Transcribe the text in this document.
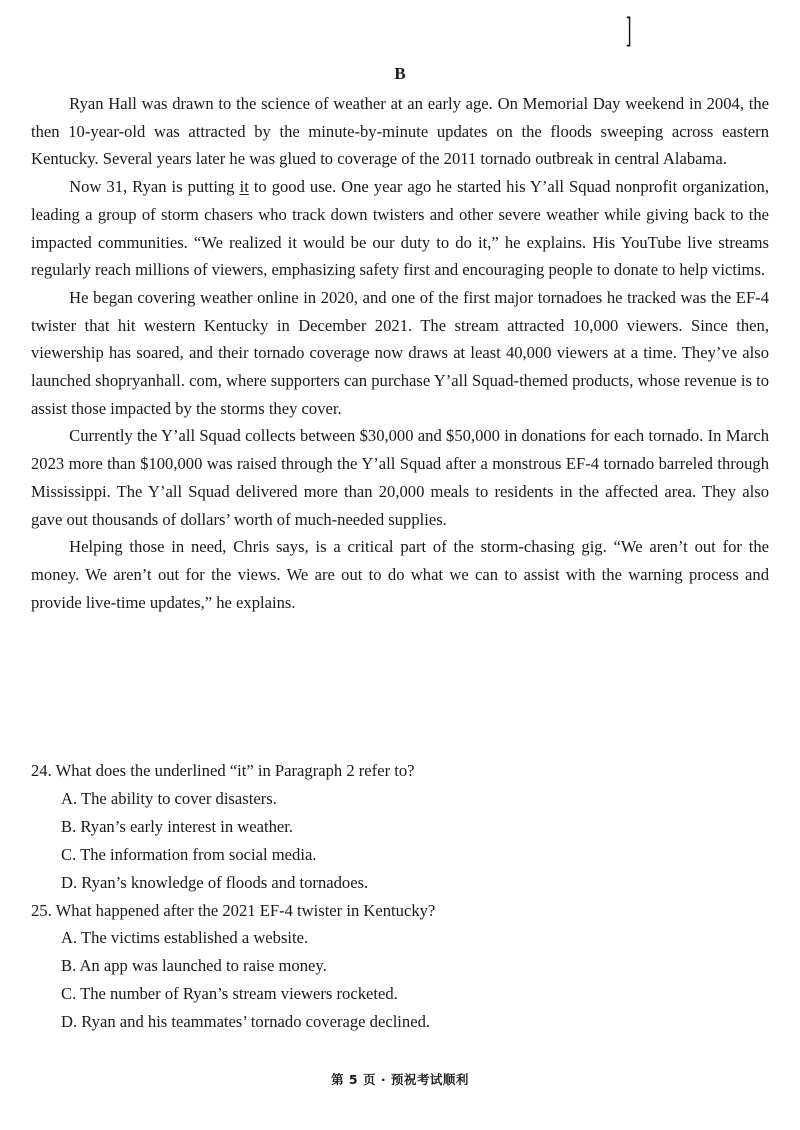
]
B

Ryan Hall was drawn to the science of weather at an early age. On Memorial Day weekend in 2004, the then 10-year-old was attracted by the minute-by-minute updates on the floods sweeping across eastern Kentucky. Several years later he was glued to coverage of the 2011 tornado outbreak in central Alabama.

Now 31, Ryan is putting it to good use. One year ago he started his Y’all Squad nonprofit organization, leading a group of storm chasers who track down twisters and other severe weather while giving back to the impacted communities. “We realized it would be our duty to do it,” he explains. His YouTube live streams regularly reach millions of viewers, emphasizing safety first and encouraging people to donate to help victims.

He began covering weather online in 2020, and one of the first major tornadoes he tracked was the EF-4 twister that hit western Kentucky in December 2021. The stream attracted 10,000 viewers. Since then, viewership has soared, and their tornado coverage now draws at least 40,000 viewers at a time. They’ve also launched shopryanhall. com, where supporters can purchase Y’all Squad-themed products, whose revenue is to assist those impacted by the storms they cover.

Currently the Y’all Squad collects between $30,000 and $50,000 in donations for each tornado. In March 2023 more than $100,000 was raised through the Y’all Squad after a monstrous EF-4 tornado barreled through Mississippi. The Y’all Squad delivered more than 20,000 meals to residents in the affected area. They also gave out thousands of dollars’ worth of much-needed supplies.

Helping those in need, Chris says, is a critical part of the storm-chasing gig. “We aren’t out for the money. We aren’t out for the views. We are out to do what we can to assist with the warning process and provide live-time updates,” he explains.

24. What does the underlined “it” in Paragraph 2 refer to?

A. The ability to cover disasters.
B. Ryan’s early interest in weather.
C. The information from social media.
D. Ryan’s knowledge of floods and tornadoes.

25. What happened after the 2021 EF-4 twister in Kentucky?

A. The victims established a website.
B. An app was launched to raise money.
C. The number of Ryan’s stream viewers rocketed.
D. Ryan and his teammates’ tornado coverage declined.
第 5 页 · 预祝考试顺利
